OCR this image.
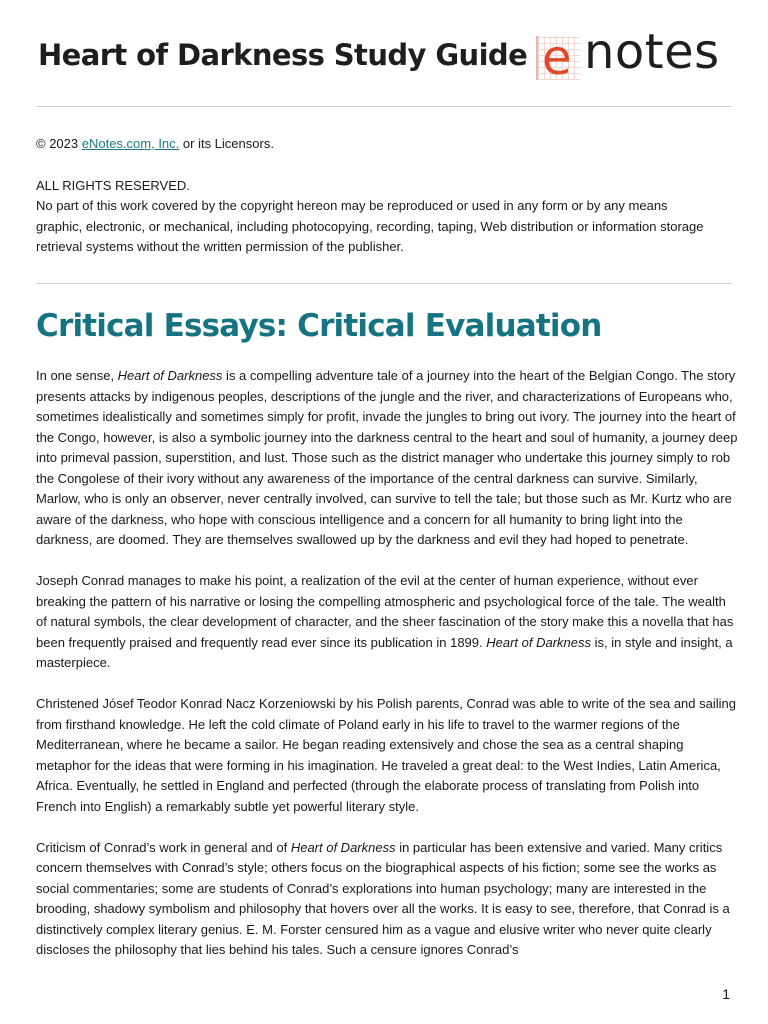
Heart of Darkness Study Guide e notes

© 2023 eNotes.com, Inc. or its Licensors.

ALL RIGHTS RESERVED.

No part of this work covered by the copyright hereon may be reproduced or used in any form or by any means

graphic, electronic, or mechanical, including photocopying, recording, taping, Web distribution or information storage

retrieval systems without the written permission of the publisher.

Critical Essays: Critical Evaluation

In one sense, Heart of Darkness is a compelling adventure tale of a journey into the heart of the Belgian Congo. The story presents attacks by indigenous peoples, descriptions of the jungle and the river, and characterizations of Europeans who, sometimes idealistically and sometimes simply for profit, invade the jungles to bring out ivory. The journey into the heart of the Congo, however, is also a symbolic journey into the darkness central to the heart and soul of humanity, a journey deep into primeval passion, superstition, and lust. Those such as the district manager who undertake this journey simply to rob the Congolese of their ivory without any awareness of the importance of the central darkness can survive. Similarly, Marlow, who is only an observer, never centrally involved, can survive to tell the tale; but those such as Mr. Kurtz who are aware of the darkness, who hope with conscious intelligence and a concern for all humanity to bring light into the darkness, are doomed. They are themselves swallowed up by the darkness and evil they had hoped to penetrate.

Joseph Conrad manages to make his point, a realization of the evil at the center of human experience, without ever breaking the pattern of his narrative or losing the compelling atmospheric and psychological force of the tale. The wealth of natural symbols, the clear development of character, and the sheer fascination of the story make this a novella that has been frequently praised and frequently read ever since its publication in 1899. Heart of Darkness is, in style and insight, a masterpiece.

Christened Jósef Teodor Konrad Nacz Korzeniowski by his Polish parents, Conrad was able to write of the sea and sailing from firsthand knowledge. He left the cold climate of Poland early in his life to travel to the warmer regions of the Mediterranean, where he became a sailor. He began reading extensively and chose the sea as a central shaping metaphor for the ideas that were forming in his imagination. He traveled a great deal: to the West Indies, Latin America, Africa. Eventually, he settled in England and perfected (through the elaborate process of translating from Polish into French into English) a remarkably subtle yet powerful literary style.

Criticism of Conrad’s work in general and of Heart of Darkness in particular has been extensive and varied. Many critics concern themselves with Conrad’s style; others focus on the biographical aspects of his fiction; some see the works as social commentaries; some are students of Conrad’s explorations into human psychology; many are interested in the brooding, shadowy symbolism and philosophy that hovers over all the works. It is easy to see, therefore, that Conrad is a distinctively complex literary genius. E. M. Forster censured him as a vague and elusive writer who never quite clearly discloses the philosophy that lies behind his tales. Such a censure ignores Conrad’s

1
